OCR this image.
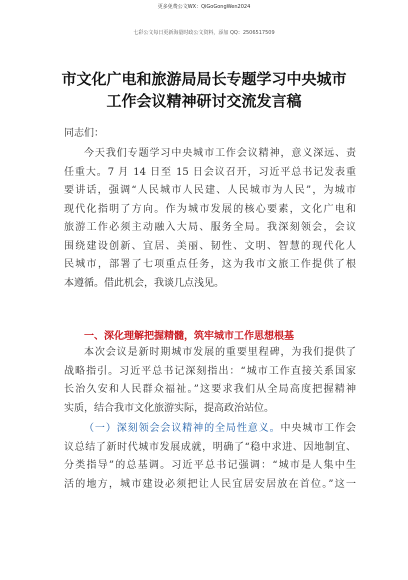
更多免费公文WX：QiGoGongWen2024
七彩公文每日更新海量时政公文资料，添加 QQ：2506517509
市文化广电和旅游局局长专题学习中央城市
工作会议精神研讨交流发言稿
同志们：
今天我们专题学习中央城市工作会议精神，意义深远、责
任重大。7 月 14 日至 15 日会议召开，习近平总书记发表重
要讲话，强调“人民城市人民建、人民城市为人民”，为城市
现代化指明了方向。作为城市发展的核心要素，文化广电和
旅游工作必须主动融入大局、服务全局。我深刻领会，会议
围绕建设创新、宜居、美丽、韧性、文明、智慧的现代化人
民城市，部署了七项重点任务，这为我市文旅工作提供了根
本遵循。借此机会，我谈几点浅见。
一、深化理解把握精髓，筑牢城市工作思想根基
本次会议是新时期城市发展的重要里程碑，为我们提供了
战略指引。习近平总书记深刻指出：“城市工作直接关系国家
长治久安和人民群众福祉。”这要求我们从全局高度把握精神
实质，结合我市文化旅游实际，提高政治站位。
（一）深刻领会会议精神的全局性意义。中央城市工作会
议总结了新时代城市发展成就，明确了“稳中求进、因地制宜、
分类指导”的总基调。习近平总书记强调：“城市是人集中生
活的地方，城市建设必须把让人民宜居安居放在首位。”这一
